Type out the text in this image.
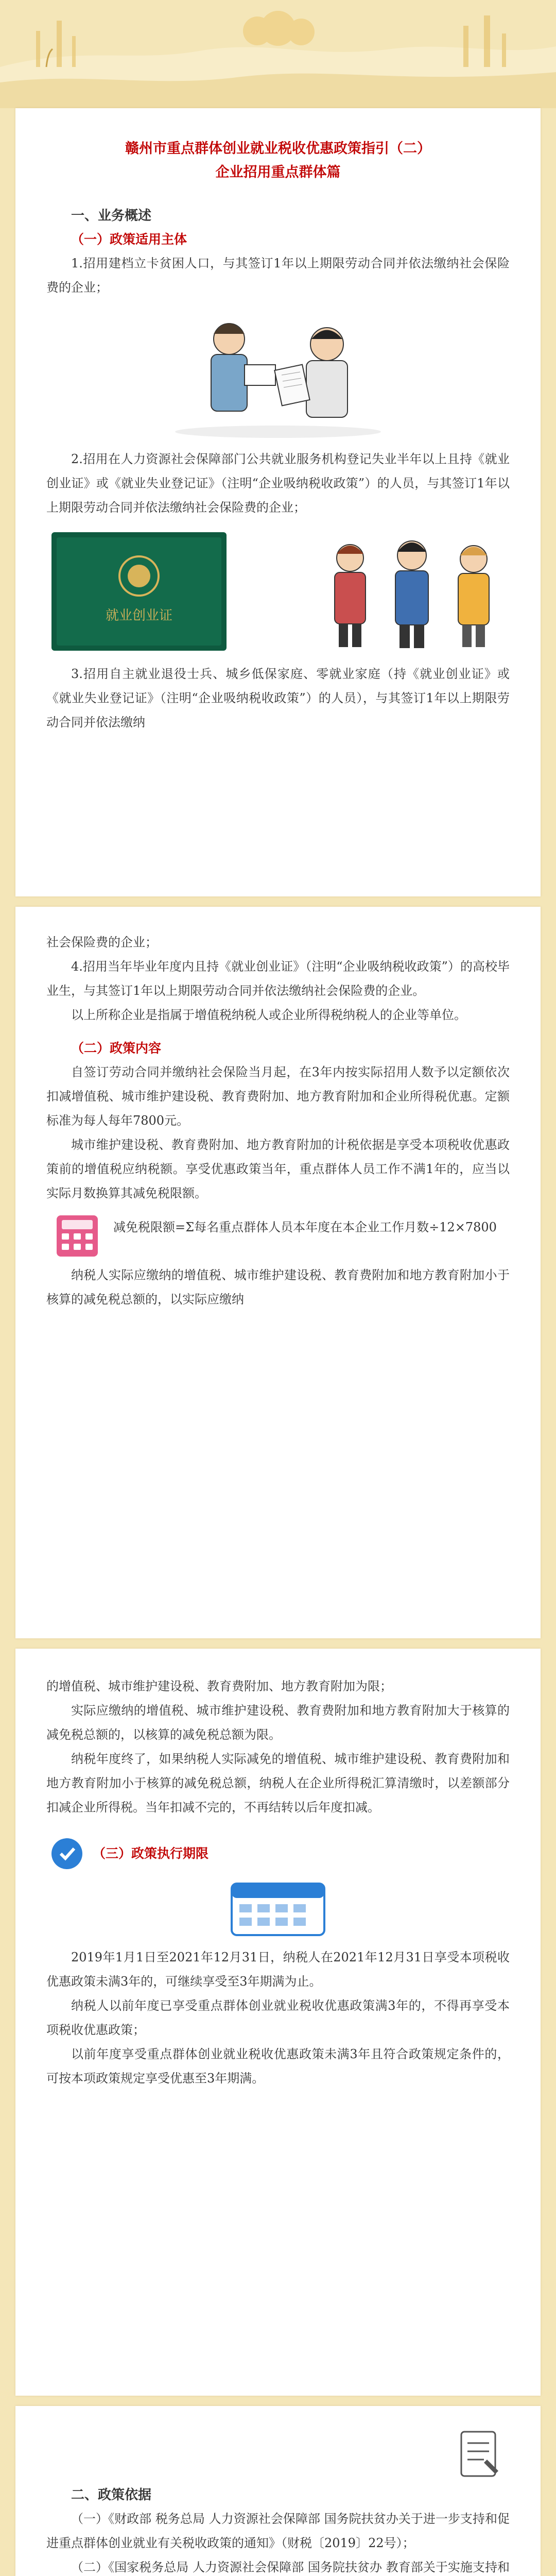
赣州市重点群体创业就业税收优惠政策指引（二）

企业招用重点群体篇

一、业务概述

（一）政策适用主体

1.招用建档立卡贫困人口，与其签订1年以上期限劳动合同并依法缴纳社会保险费的企业；

2.招用在人力资源社会保障部门公共就业服务机构登记失业半年以上且持《就业创业证》或《就业失业登记证》（注明“企业吸纳税收政策”）的人员，与其签订1年以上期限劳动合同并依法缴纳社会保险费的企业；

就业创业证

3.招用自主就业退役士兵、城乡低保家庭、零就业家庭（持《就业创业证》或《就业失业登记证》（注明“企业吸纳税收政策”）的人员），与其签订1年以上期限劳动合同并依法缴纳

社会保险费的企业；

4.招用当年毕业年度内且持《就业创业证》（注明“企业吸纳税收政策”）的高校毕业生，与其签订1年以上期限劳动合同并依法缴纳社会保险费的企业。

以上所称企业是指属于增值税纳税人或企业所得税纳税人的企业等单位。

（二）政策内容

自签订劳动合同并缴纳社会保险当月起，在3年内按实际招用人数予以定额依次扣减增值税、城市维护建设税、教育费附加、地方教育附加和企业所得税优惠。定额标准为每人每年7800元。

城市维护建设税、教育费附加、地方教育附加的计税依据是享受本项税收优惠政策前的增值税应纳税额。享受优惠政策当年，重点群体人员工作不满1年的，应当以实际月数换算其减免税限额。

减免税限额=Σ每名重点群体人员本年度在本企业工作月数÷12×7800

纳税人实际应缴纳的增值税、城市维护建设税、教育费附加和地方教育附加小于核算的减免税总额的，以实际应缴纳

的增值税、城市维护建设税、教育费附加、地方教育附加为限；

实际应缴纳的增值税、城市维护建设税、教育费附加和地方教育附加大于核算的减免税总额的，以核算的减免税总额为限。

纳税年度终了，如果纳税人实际减免的增值税、城市维护建设税、教育费附加和地方教育附加小于核算的减免税总额，纳税人在企业所得税汇算清缴时，以差额部分扣减企业所得税。当年扣减不完的，不再结转以后年度扣减。

（三）政策执行期限

2019年1月1日至2021年12月31日，纳税人在2021年12月31日享受本项税收优惠政策未满3年的，可继续享受至3年期满为止。

纳税人以前年度已享受重点群体创业就业税收优惠政策满3年的，不得再享受本项税收优惠政策；

以前年度享受重点群体创业就业税收优惠政策未满3年且符合政策规定条件的，可按本项政策规定享受优惠至3年期满。

二、政策依据

（一）《财政部 税务总局 人力资源社会保障部 国务院扶贫办关于进一步支持和促进重点群体创业就业有关税收政策的通知》（财税〔2019〕22号）；

（二）《国家税务总局 人力资源社会保障部 国务院扶贫办 教育部关于实施支持和
